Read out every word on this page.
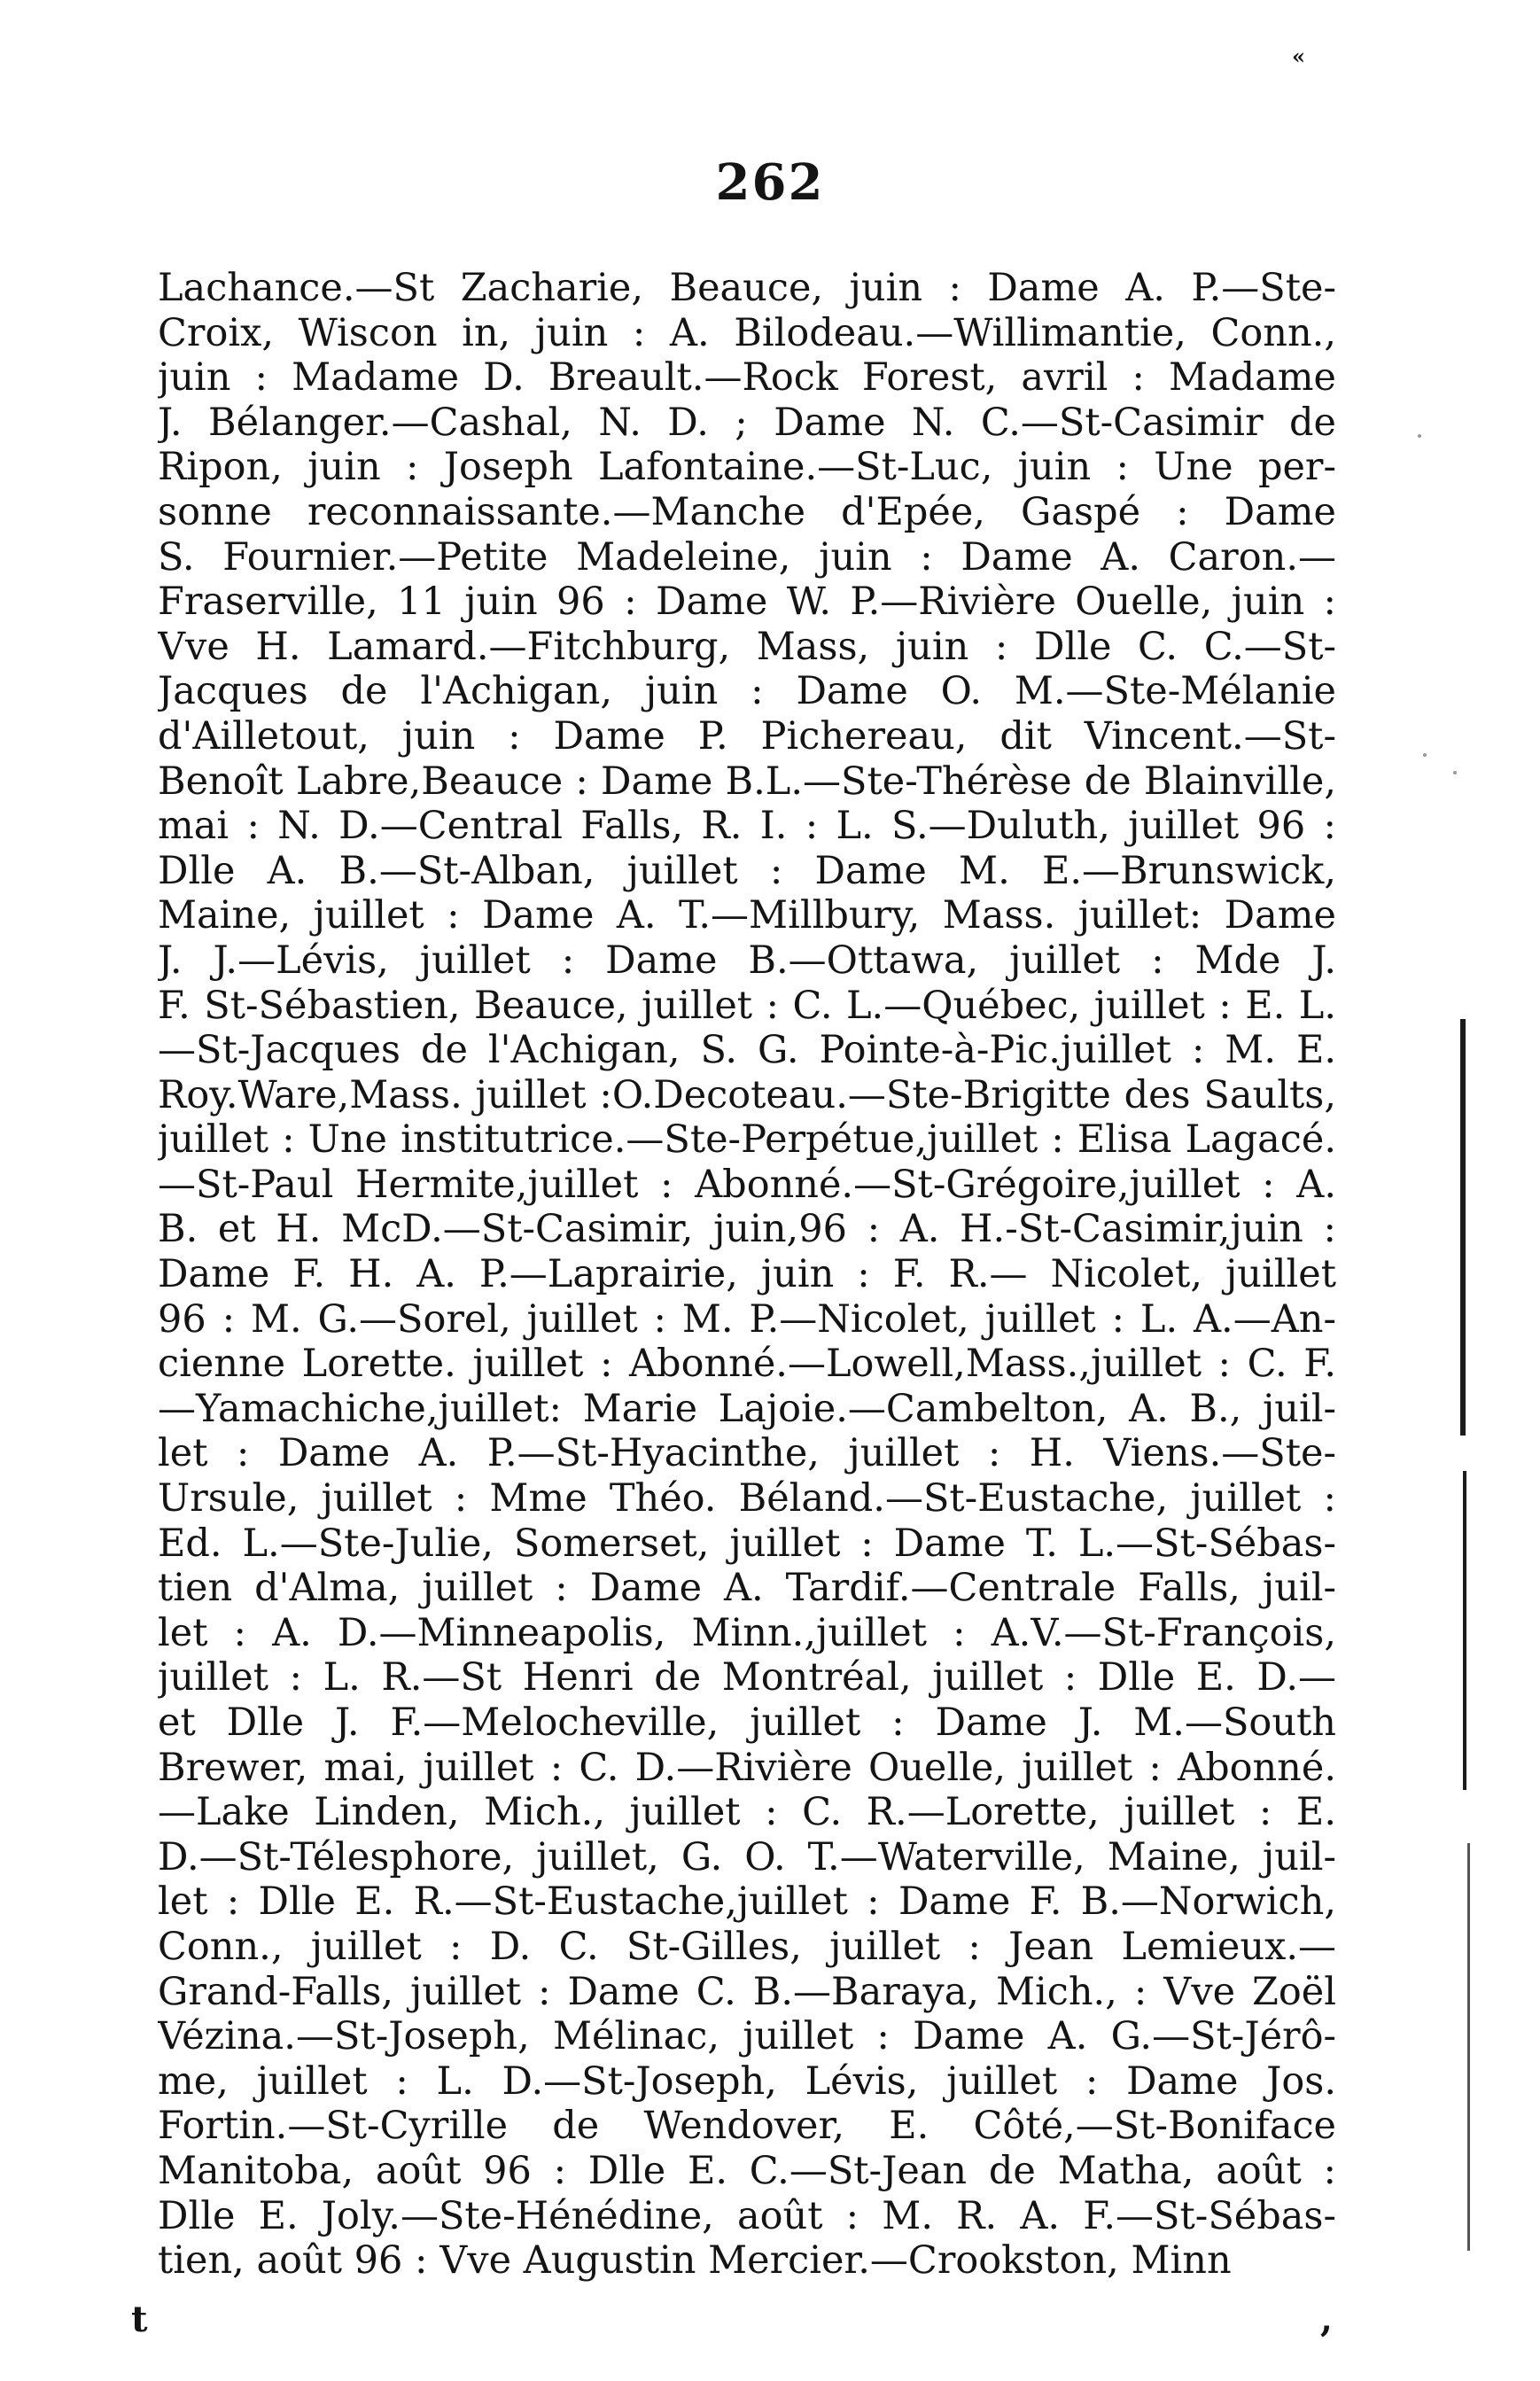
«
262
Lachance.—St Zacharie, Beauce, juin : Dame A. P.—Ste-
Croix, Wiscon in, juin : A. Bilodeau.—Willimantie, Conn.,
juin : Madame D. Breault.—Rock Forest, avril : Madame
J. Bélanger.—Cashal, N. D. ; Dame N. C.—St-Casimir de
Ripon, juin : Joseph Lafontaine.—St-Luc, juin : Une per-
sonne reconnaissante.—Manche d'Epée, Gaspé : Dame
S. Fournier.—Petite Madeleine, juin : Dame A. Caron.—
Fraserville, 11 juin 96 : Dame W. P.—Rivière Ouelle, juin :
Vve H. Lamard.—Fitchburg, Mass, juin : Dlle C. C.—St-
Jacques de l'Achigan, juin : Dame O. M.—Ste-Mélanie
d'Ailletout, juin : Dame P. Pichereau, dit Vincent.—St-
Benoît Labre,Beauce : Dame B.L.—Ste-Thérèse de Blainville,
mai : N. D.—Central Falls, R. I. : L. S.—Duluth, juillet 96 :
Dlle A. B.—St-Alban, juillet : Dame M. E.—Brunswick,
Maine, juillet : Dame A. T.—Millbury, Mass. juillet: Dame
J. J.—Lévis, juillet : Dame B.—Ottawa, juillet : Mde J.
F. St-Sébastien, Beauce, juillet : C. L.—Québec, juillet : E. L.
—St-Jacques de l'Achigan, S. G. Pointe-à-Pic.juillet : M. E.
Roy.Ware,Mass. juillet :O.Decoteau.—Ste-Brigitte des Saults,
juillet : Une institutrice.—Ste-Perpétue,juillet : Elisa Lagacé.
—St-Paul Hermite,juillet : Abonné.—St-Grégoire,juillet : A.
B. et H. McD.—St-Casimir, juin,96 : A. H.-St-Casimir,juin :
Dame F. H. A. P.—Laprairie, juin : F. R.— Nicolet, juillet
96 : M. G.—Sorel, juillet : M. P.—Nicolet, juillet : L. A.—An-
cienne Lorette. juillet : Abonné.—Lowell,Mass.,juillet : C. F.
—Yamachiche,juillet: Marie Lajoie.—Cambelton, A. B., juil-
let : Dame A. P.—St-Hyacinthe, juillet : H. Viens.—Ste-
Ursule, juillet : Mme Théo. Béland.—St-Eustache, juillet :
Ed. L.—Ste-Julie, Somerset, juillet : Dame T. L.—St-Sébas-
tien d'Alma, juillet : Dame A. Tardif.—Centrale Falls, juil-
let : A. D.—Minneapolis, Minn.,juillet : A.V.—St-François,
juillet : L. R.—St Henri de Montréal, juillet : Dlle E. D.—
et Dlle J. F.—Melocheville, juillet : Dame J. M.—South
Brewer, mai, juillet : C. D.—Rivière Ouelle, juillet : Abonné.
—Lake Linden, Mich., juillet : C. R.—Lorette, juillet : E.
D.—St-Télesphore, juillet, G. O. T.—Waterville, Maine, juil-
let : Dlle E. R.—St-Eustache,juillet : Dame F. B.—Norwich,
Conn., juillet : D. C. St-Gilles, juillet : Jean Lemieux.—
Grand-Falls, juillet : Dame C. B.—Baraya, Mich., : Vve Zoël
Vézina.—St-Joseph, Mélinac, juillet : Dame A. G.—St-Jérô-
me, juillet : L. D.—St-Joseph, Lévis, juillet : Dame Jos.
Fortin.—St-Cyrille de Wendover, E. Côté,—St-Boniface
Manitoba, août 96 : Dlle E. C.—St-Jean de Matha, août :
Dlle E. Joly.—Ste-Hénédine, août : M. R. A. F.—St-Sébas-
tien, août 96 : Vve Augustin Mercier.—Crookston, Minn
t	,
